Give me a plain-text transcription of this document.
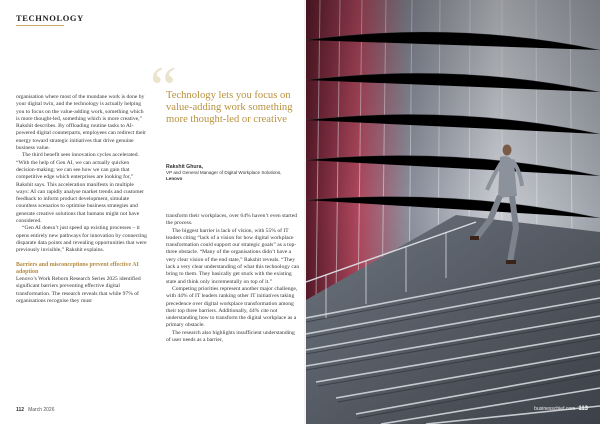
TECHNOLOGY

organisation where most of the mundane work is done by your digital twin, and the technology is actually helping you to focus on the value-adding work, something which is more thought-led, something which is more creative,” Rakshit describes. By offloading routine tasks to AI-powered digital counterparts, employees can redirect their energy toward strategic initiatives that drive genuine business value.

The third benefit sees innovation cycles accelerated. “With the help of Gen AI, we can actually quicken decision-making; we can see how we can gain that competitive edge which enterprises are looking for,” Rakshit says. This acceleration manifests in multiple ways: AI can rapidly analyse market trends and customer feedback to inform product development, simulate countless scenarios to optimise business strategies and generate creative solutions that humans might not have considered.

“Gen AI doesn’t just speed up existing processes – it opens entirely new pathways for innovation by connecting disparate data points and revealing opportunities that were previously invisible,” Rakshit explains.

Barriers and misconceptions prevent effective AI adoption

Lenovo’s Work Reborn Research Series 2025 identified significant barriers preventing effective digital transformation. The research reveals that while 97% of organisations recognise they must

“
Technology lets you focus on value-adding work something more thought-led or creative
Rakshit Ghura,
VP and General Manager of Digital Workplace Solutions,
Lenovo

transform their workplaces, over 64% haven’t even started the process.

The biggest barrier is lack of vision, with 55% of IT leaders citing “lack of a vision for how digital workplace transformation could support our strategic goals” as a top-three obstacle. “Many of the organisations didn’t have a very clear vision of the end state,” Rakshit reveals. “They lack a very clear understanding of what this technology can bring to them. They basically get stuck with the existing state and think only incrementally on top of it.”

Competing priorities represent another major challenge, with 44% of IT leaders ranking other IT initiatives taking precedence over digital workplace transformation among their top three barriers. Additionally, 44% cite not understanding how to transform the digital workplace as a primary obstacle.

The research also highlights insufficient understanding of user needs as a barrier,

112 March 2026	businesschief.com 113
